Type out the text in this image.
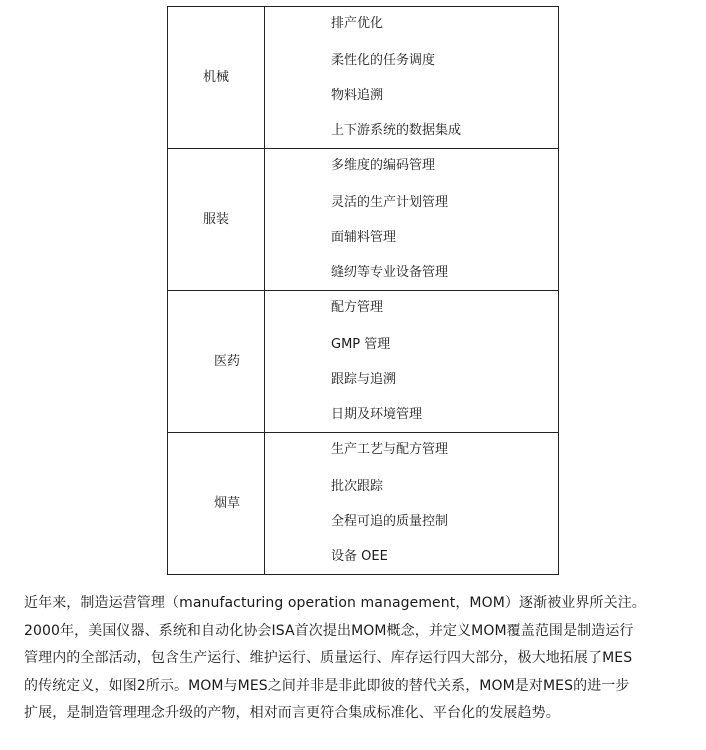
机械	排产优化
柔性化的任务调度
物料追溯
上下游系统的数据集成

服装	多维度的编码管理
灵活的生产计划管理
面辅料管理
缝纫等专业设备管理

医药	配方管理
GMP 管理
跟踪与追溯
日期及环境管理

烟草	生产工艺与配方管理
批次跟踪
全程可追的质量控制
设备 OEE
近年来，制造运营管理（manufacturing operation management，MOM）逐渐被业界所关注。
2000年，美国仪器、系统和自动化协会ISA首次提出MOM概念，并定义MOM覆盖范围是制造运行
管理内的全部活动，包含生产运行、维护运行、质量运行、库存运行四大部分，极大地拓展了MES
的传统定义，如图2所示。MOM与MES之间并非是非此即彼的替代关系，MOM是对MES的进一步
扩展，是制造管理理念升级的产物，相对而言更符合集成标准化、平台化的发展趋势。
